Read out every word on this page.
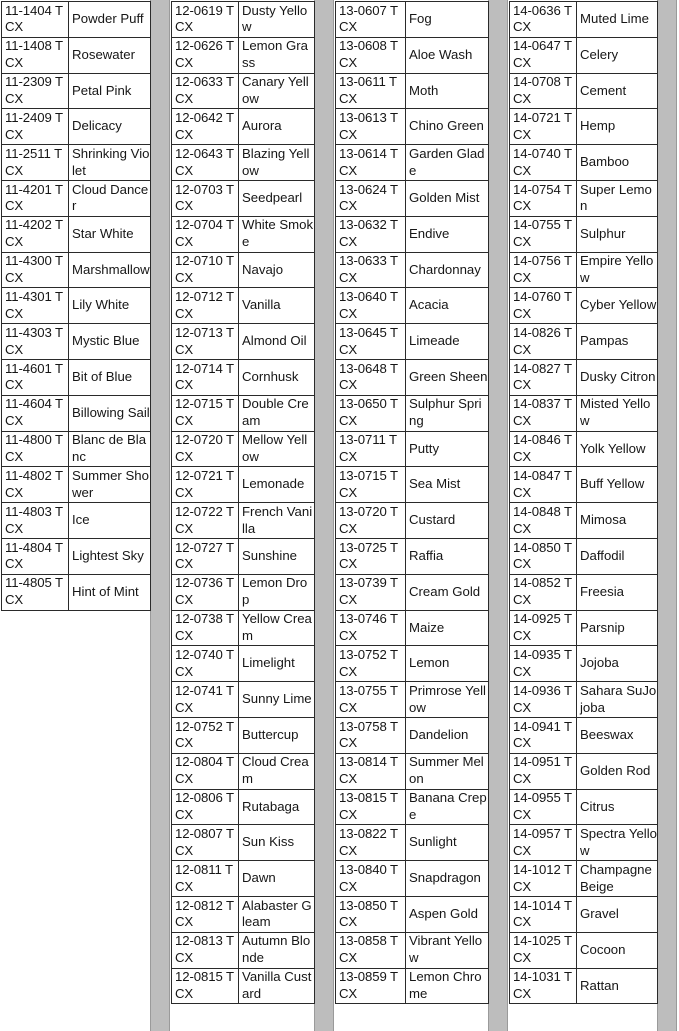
11-1404 TCX	Powder Puff
11-1408 TCX	Rosewater
11-2309 TCX	Petal Pink
11-2409 TCX	Delicacy
11-2511 TCX	Shrinking Violet
11-4201 TCX	Cloud Dancer
11-4202 TCX	Star White
11-4300 TCX	Marshmallow
11-4301 TCX	Lily White
11-4303 TCX	Mystic Blue
11-4601 TCX	Bit of Blue
11-4604 TCX	Billowing Sail
11-4800 TCX	Blanc de Blanc
11-4802 TCX	Summer Shower
11-4803 TCX	Ice
11-4804 TCX	Lightest Sky
11-4805 TCX	Hint of Mint
12-0619 TCX	Dusty Yellow
12-0626 TCX	Lemon Grass
12-0633 TCX	Canary Yellow
12-0642 TCX	Aurora
12-0643 TCX	Blazing Yellow
12-0703 TCX	Seedpearl
12-0704 TCX	White Smoke
12-0710 TCX	Navajo
12-0712 TCX	Vanilla
12-0713 TCX	Almond Oil
12-0714 TCX	Cornhusk
12-0715 TCX	Double Cream
12-0720 TCX	Mellow Yellow
12-0721 TCX	Lemonade
12-0722 TCX	French Vanilla
12-0727 TCX	Sunshine
12-0736 TCX	Lemon Drop
12-0738 TCX	Yellow Cream
12-0740 TCX	Limelight
12-0741 TCX	Sunny Lime
12-0752 TCX	Buttercup
12-0804 TCX	Cloud Cream
12-0806 TCX	Rutabaga
12-0807 TCX	Sun Kiss
12-0811 TCX	Dawn
12-0812 TCX	Alabaster Gleam
12-0813 TCX	Autumn Blonde
12-0815 TCX	Vanilla Custard
13-0607 TCX	Fog
13-0608 TCX	Aloe Wash
13-0611 TCX	Moth
13-0613 TCX	Chino Green
13-0614 TCX	Garden Glade
13-0624 TCX	Golden Mist
13-0632 TCX	Endive
13-0633 TCX	Chardonnay
13-0640 TCX	Acacia
13-0645 TCX	Limeade
13-0648 TCX	Green Sheen
13-0650 TCX	Sulphur Spring
13-0711 TCX	Putty
13-0715 TCX	Sea Mist
13-0720 TCX	Custard
13-0725 TCX	Raffia
13-0739 TCX	Cream Gold
13-0746 TCX	Maize
13-0752 TCX	Lemon
13-0755 TCX	Primrose Yellow
13-0758 TCX	Dandelion
13-0814 TCX	Summer Melon
13-0815 TCX	Banana Crepe
13-0822 TCX	Sunlight
13-0840 TCX	Snapdragon
13-0850 TCX	Aspen Gold
13-0858 TCX	Vibrant Yellow
13-0859 TCX	Lemon Chrome
14-0636 TCX	Muted Lime
14-0647 TCX	Celery
14-0708 TCX	Cement
14-0721 TCX	Hemp
14-0740 TCX	Bamboo
14-0754 TCX	Super Lemon
14-0755 TCX	Sulphur
14-0756 TCX	Empire Yellow
14-0760 TCX	Cyber Yellow
14-0826 TCX	Pampas
14-0827 TCX	Dusky Citron
14-0837 TCX	Misted Yellow
14-0846 TCX	Yolk Yellow
14-0847 TCX	Buff Yellow
14-0848 TCX	Mimosa
14-0850 TCX	Daffodil
14-0852 TCX	Freesia
14-0925 TCX	Parsnip
14-0935 TCX	Jojoba
14-0936 TCX	Sahara SuJojoba
14-0941 TCX	Beeswax
14-0951 TCX	Golden Rod
14-0955 TCX	Citrus
14-0957 TCX	Spectra Yellow
14-1012 TCX	Champagne Beige
14-1014 TCX	Gravel
14-1025 TCX	Cocoon
14-1031 TCX	Rattan
